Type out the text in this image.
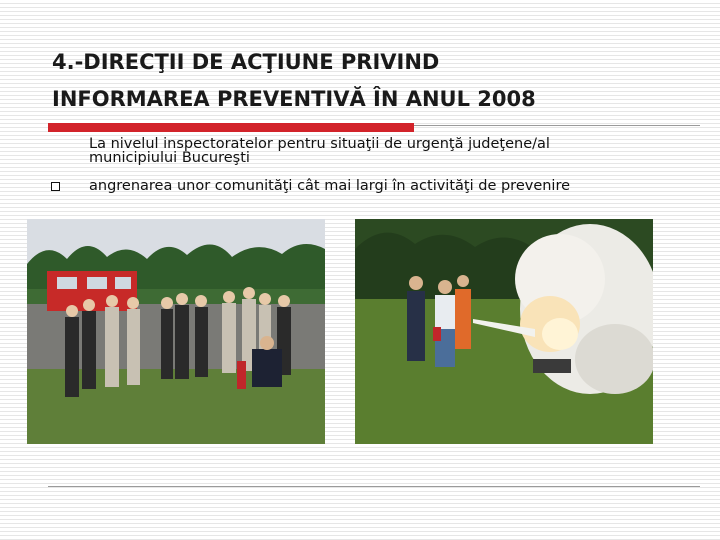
4.-DIRECŢII DE ACŢIUNE PRIVIND
INFORMAREA PREVENTIVĂ ÎN ANUL 2008
La nivelul inspectoratelor pentru situaţii de urgenţă judeţene/al
municipiului Bucureşti
angrenarea unor comunităţi cât mai largi în activităţi de prevenire
